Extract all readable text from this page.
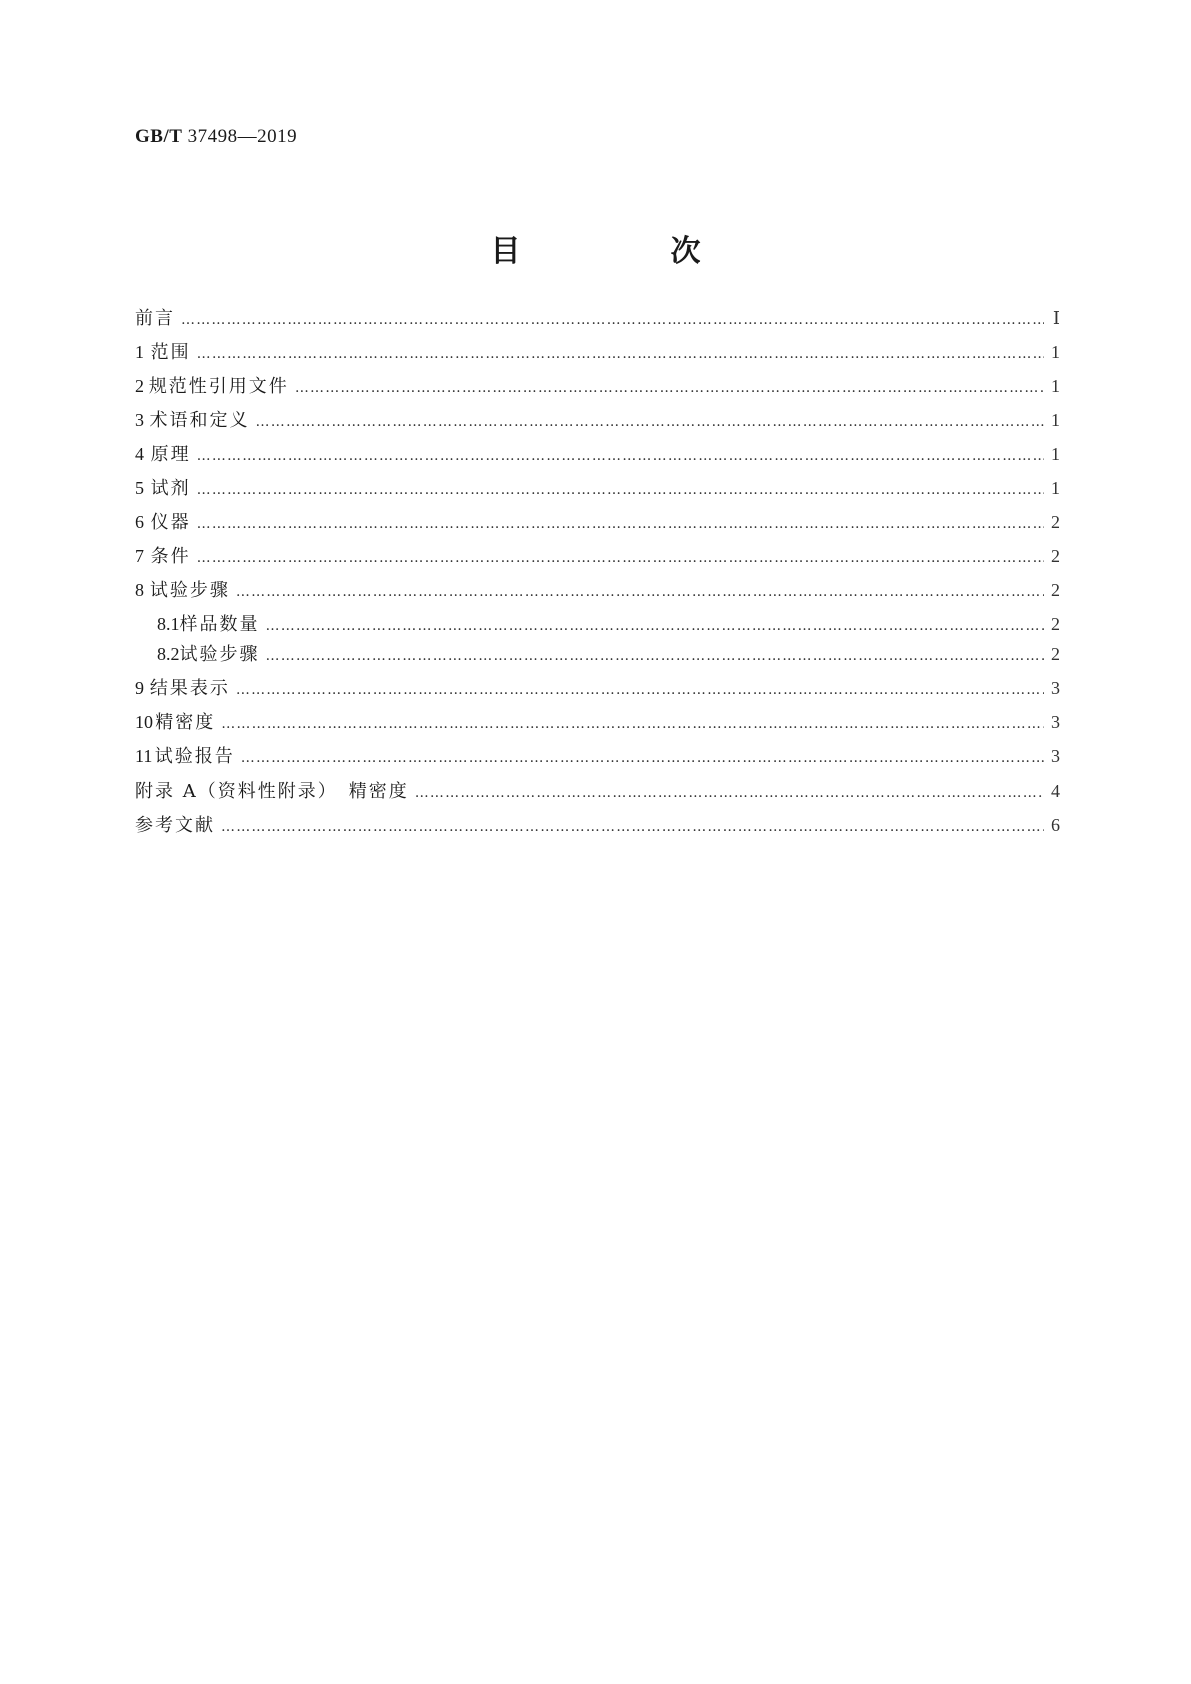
GB/T 37498—2019
目　次
前言 ……………………………………………………………………………………………………………………………………………………………………………………………………………………………………………………………………………………………	Ⅰ
1 范围 ……………………………………………………………………………………………………………………………………………………………………………………………………………………………………………………………………………………………	1
2 规范性引用文件 ……………………………………………………………………………………………………………………………………………………………………………………………………………………………………………………………………………………………	1
3 术语和定义 ……………………………………………………………………………………………………………………………………………………………………………………………………………………………………………………………………………………………	1
4 原理 ……………………………………………………………………………………………………………………………………………………………………………………………………………………………………………………………………………………………	1
5 试剂 ……………………………………………………………………………………………………………………………………………………………………………………………………………………………………………………………………………………………	1
6 仪器 ……………………………………………………………………………………………………………………………………………………………………………………………………………………………………………………………………………………………	2
7 条件 ……………………………………………………………………………………………………………………………………………………………………………………………………………………………………………………………………………………………	2
8 试验步骤 ……………………………………………………………………………………………………………………………………………………………………………………………………………………………………………………………………………………………	2
8.1 样品数量 ……………………………………………………………………………………………………………………………………………………………………………………………………………………………………………………………………………………………	2
8.2 试验步骤 ……………………………………………………………………………………………………………………………………………………………………………………………………………………………………………………………………………………………	2
9 结果表示 ……………………………………………………………………………………………………………………………………………………………………………………………………………………………………………………………………………………………	3
10 精密度 ……………………………………………………………………………………………………………………………………………………………………………………………………………………………………………………………………………………………	3
11 试验报告 ……………………………………………………………………………………………………………………………………………………………………………………………………………………………………………………………………………………………	3
附录 A（资料性附录）　精密度 ……………………………………………………………………………………………………………………………………………………………………………………………………………………………………………………………………………………………	4
参考文献 ……………………………………………………………………………………………………………………………………………………………………………………………………………………………………………………………………………………………	6
